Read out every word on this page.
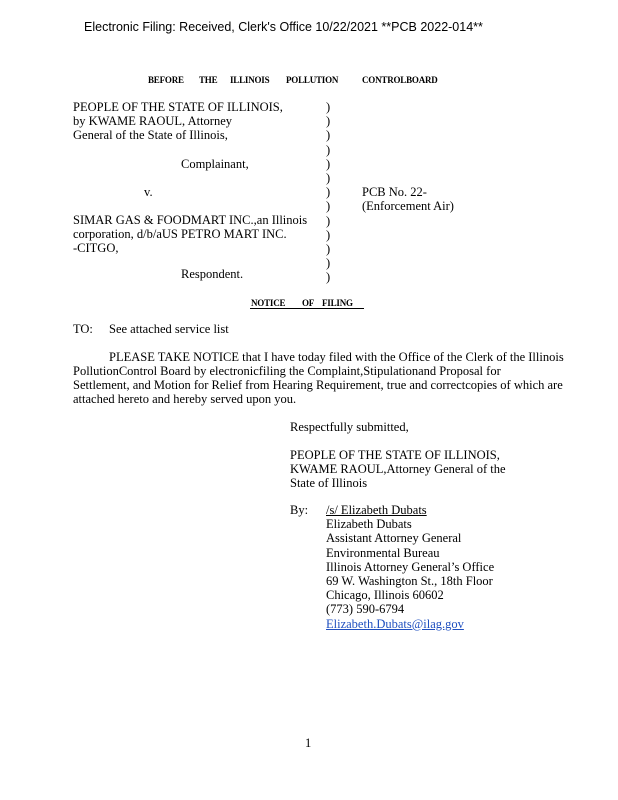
Electronic Filing: Received, Clerk's Office 10/22/2021 **PCB 2022-014**
BEFORE THE ILLINOIS POLLUTION	CONTROLBOARD
PEOPLE OF THE STATE OF ILLINOIS,
by KWAME RAOUL, Attorney
General of the State of Illinois,
Complainant,
v.
SIMAR GAS & FOODMART INC.,an Illinois
corporation, d/b/aUS PETRO MART INC.
-CITGO,
Respondent.
)
)
)
)
)
)
)
)
)
)
)
)
)
PCB No. 22-
(Enforcement Air)
NOTICE OF FILING
TO: See attached service list
PLEASE TAKE NOTICE that I have today filed with the Office of the Clerk of the Illinois
PollutionControl Board by electronicfiling the Complaint,Stipulationand Proposal for
Settlement, and Motion for Relief from Hearing Requirement, true and correctcopies of which are
attached hereto and hereby served upon you.
Respectfully submitted,
PEOPLE OF THE STATE OF ILLINOIS,
KWAME RAOUL,Attorney General of the
State of Illinois
By: /s/ Elizabeth Dubats
Elizabeth Dubats
Assistant Attorney General
Environmental Bureau
Illinois Attorney General’s Office
69 W. Washington St., 18th Floor
Chicago, Illinois 60602
(773) 590-6794
Elizabeth.Dubats@ilag.gov
1
